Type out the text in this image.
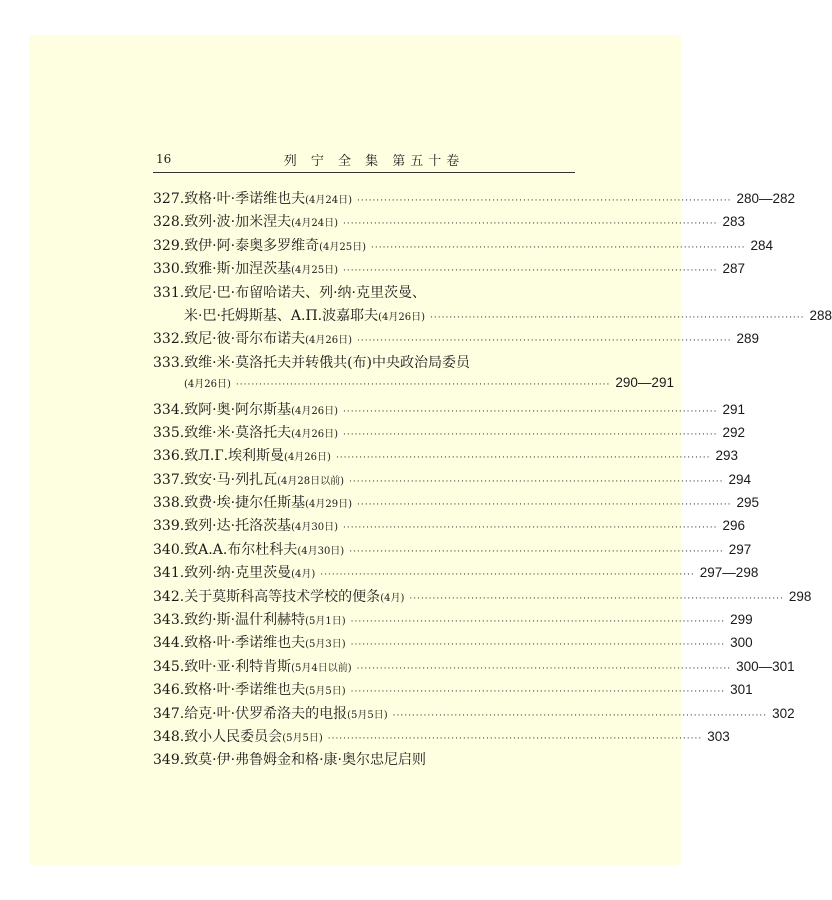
16	列 宁 全 集 第五十卷
327.致格·叶·季诺维也夫(4月24日) ································································································· 280—282
328.致列·波·加米涅夫(4月24日) ································································································· 283
329.致伊·阿·泰奥多罗维奇(4月25日) ································································································· 284
330.致雅·斯·加涅茨基(4月25日) ································································································· 287
331.致尼·巴·布留哈诺夫、列·纳·克里茨曼、
米·巴·托姆斯基、A.П.波嘉耶夫(4月26日) ································································································· 288
332.致尼·彼·哥尔布诺夫(4月26日) ································································································· 289
333.致维·米·莫洛托夫并转俄共(布)中央政治局委员
(4月26日) ································································································· 290—291
334.致阿·奥·阿尔斯基(4月26日) ································································································· 291
335.致维·米·莫洛托夫(4月26日) ································································································· 292
336.致Л.Г.埃利斯曼(4月26日) ································································································· 293
337.致安·马·列扎瓦(4月28日以前) ································································································· 294
338.致费·埃·捷尔任斯基(4月29日) ································································································· 295
339.致列·达·托洛茨基(4月30日) ································································································· 296
340.致A.A.布尔杜科夫(4月30日) ································································································· 297
341.致列·纳·克里茨曼(4月) ································································································· 297—298
342.关于莫斯科高等技术学校的便条(4月) ································································································· 298
343.致约·斯·温什利赫特(5月1日) ································································································· 299
344.致格·叶·季诺维也夫(5月3日) ································································································· 300
345.致叶·亚·利特肯斯(5月4日以前) ································································································· 300—301
346.致格·叶·季诺维也夫(5月5日) ································································································· 301
347.给克·叶·伏罗希洛夫的电报(5月5日) ································································································· 302
348.致小人民委员会(5月5日) ································································································· 303
349.致莫·伊·弗鲁姆金和格·康·奥尔忠尼启则
